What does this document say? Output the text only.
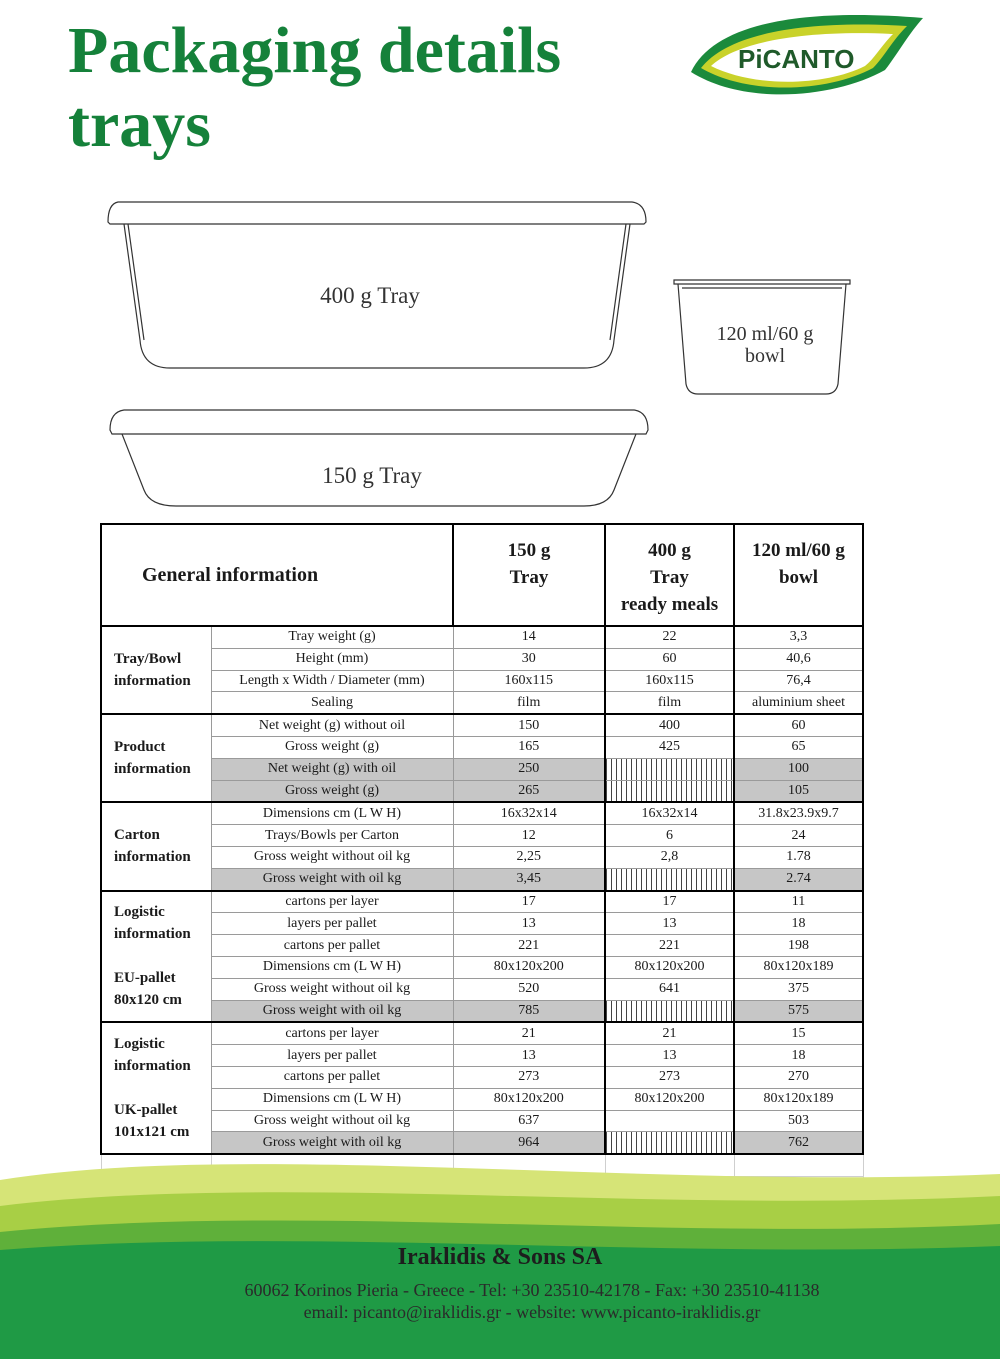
Packaging details
trays
PiCANTO
400 g Tray
120 ml/60 g
bowl
150 g Tray
General information		150 g
Tray	400 g
Tray
ready meals	120 ml/60 g
bowl
Tray/Bowl
information	Tray weight (g)	14	22	3,3
	Height (mm)	30	60	40,6
	Length x Width / Diameter (mm)	160x115	160x115	76,4
	Sealing	film	film	aluminium sheet
Product
information	Net weight (g) without oil	150	400	60
	Gross weight (g)	165	425	65
	Net weight (g) with oil	250		100
	Gross weight (g)	265		105
Carton
information	Dimensions cm (L W H)	16x32x14	16x32x14	31.8x23.9x9.7
	Trays/Bowls per Carton	12	6	24
	Gross weight without oil kg	2,25	2,8	1.78
	Gross weight with oil kg	3,45		2.74
Logistic
information

EU-pallet
80x120 cm	cartons per layer	17	17	11
	layers per pallet	13	13	18
	cartons per pallet	221	221	198
	Dimensions cm (L W H)	80x120x200	80x120x200	80x120x189
	Gross weight without oil kg	520	641	375
	Gross weight with oil kg	785		575
Logistic
information

UK-pallet
101x121 cm	cartons per layer	21	21	15
	layers per pallet	13	13	18
	cartons per pallet	273	273	270
	Dimensions cm (L W H)	80x120x200	80x120x200	80x120x189
	Gross weight without oil kg	637		503
	Gross weight with oil kg	964		762

Iraklidis & Sons SA
60062 Korinos Pieria - Greece - Tel: +30 23510-42178 - Fax: +30 23510-41138
email: picanto@iraklidis.gr - website: www.picanto-iraklidis.gr
